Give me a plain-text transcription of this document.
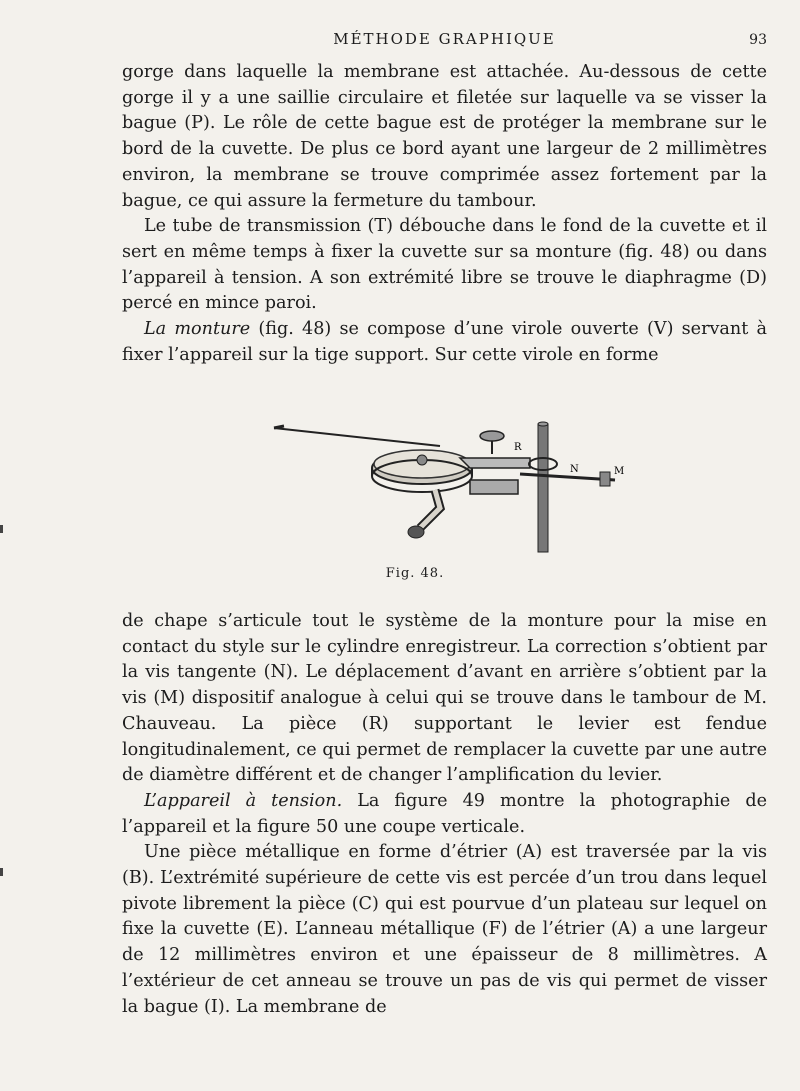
MÉTHODE GRAPHIQUE	93

gorge dans laquelle la membrane est attachée. Au-dessous de cette gorge il y a une saillie circulaire et filetée sur laquelle va se visser la bague (P). Le rôle de cette bague est de protéger la membrane sur le bord de la cuvette. De plus ce bord ayant une largeur de 2 millimètres environ, la membrane se trouve comprimée assez fortement par la bague, ce qui assure la fermeture du tambour.

Le tube de transmission (T) débouche dans le fond de la cuvette et il sert en même temps à fixer la cuvette sur sa monture (fig. 48) ou dans l’appareil à tension. A son extrémité libre se trouve le diaphragme (D) percé en mince paroi.

La monture (fig. 48) se compose d’une virole ouverte (V) servant à fixer l’appareil sur la tige support. Sur cette virole en forme

R
N	M
Fig. 48.

de chape s’articule tout le système de la monture pour la mise en contact du style sur le cylindre enregistreur. La correction s’obtient par la vis tangente (N). Le déplacement d’avant en arrière s’obtient par la vis (M) dispositif analogue à celui qui se trouve dans le tambour de M. Chauveau. La pièce (R) supportant le levier est fendue longitudinalement, ce qui permet de remplacer la cuvette par une autre de diamètre différent et de changer l’amplification du levier.

L’appareil à tension. La figure 49 montre la photographie de l’appareil et la figure 50 une coupe verticale.

Une pièce métallique en forme d’étrier (A) est traversée par la vis (B). L’extrémité supérieure de cette vis est percée d’un trou dans lequel pivote librement la pièce (C) qui est pourvue d’un plateau sur lequel on fixe la cuvette (E). L’anneau métallique (F) de l’étrier (A) a une largeur de 12 millimètres environ et une épaisseur de 8 millimètres. A l’extérieur de cet anneau se trouve un pas de vis qui permet de visser la bague (I). La membrane de
